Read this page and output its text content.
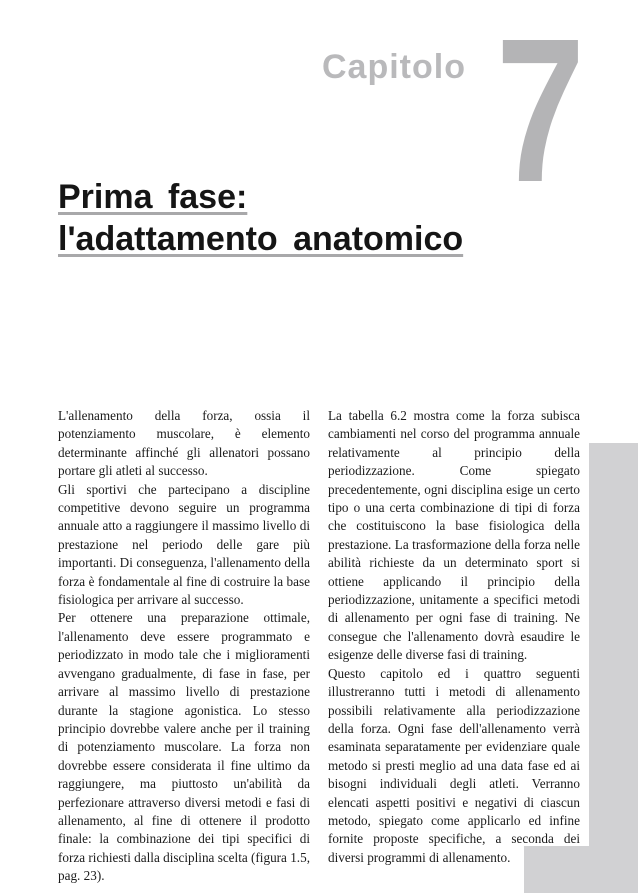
Capitolo 7
Prima fase:
l'adattamento anatomico

L'allenamento della forza, ossia il potenziamento muscolare, è elemento determinante affinché gli allenatori possano portare gli atleti al successo.

Gli sportivi che partecipano a discipline competitive devono seguire un programma annuale atto a raggiungere il massimo livello di prestazione nel periodo delle gare più importanti. Di conseguenza, l'allenamento della forza è fondamentale al fine di costruire la base fisiologica per arrivare al successo.

Per ottenere una preparazione ottimale, l'allenamento deve essere programmato e periodizzato in modo tale che i miglioramenti avvengano gradualmente, di fase in fase, per arrivare al massimo livello di prestazione durante la stagione agonistica. Lo stesso principio dovrebbe valere anche per il training di potenziamento muscolare. La forza non dovrebbe essere considerata il fine ultimo da raggiungere, ma piuttosto un'abilità da perfezionare attraverso diversi metodi e fasi di allenamento, al fine di ottenere il prodotto finale: la combinazione dei tipi specifici di forza richiesti dalla disciplina scelta (figura 1.5, pag. 23).

La tabella 6.2 mostra come la forza subisca cambiamenti nel corso del programma annuale relativamente al principio della periodizzazione. Come spiegato precedentemente, ogni disciplina esige un certo tipo o una certa combinazione di tipi di forza che costituiscono la base fisiologica della prestazione. La trasformazione della forza nelle abilità richieste da un determinato sport si ottiene applicando il principio della periodizzazione, unitamente a specifici metodi di allenamento per ogni fase di training. Ne consegue che l'allenamento dovrà esaudire le esigenze delle diverse fasi di training.

Questo capitolo ed i quattro seguenti illustreranno tutti i metodi di allenamento possibili relativamente alla periodizzazione della forza. Ogni fase dell'allenamento verrà esaminata separatamente per evidenziare quale metodo si presti meglio ad una data fase ed ai bisogni individuali degli atleti. Verranno elencati aspetti positivi e negativi di ciascun metodo, spiegato come applicarlo ed infine fornite proposte specifiche, a seconda dei diversi programmi di allenamento.
